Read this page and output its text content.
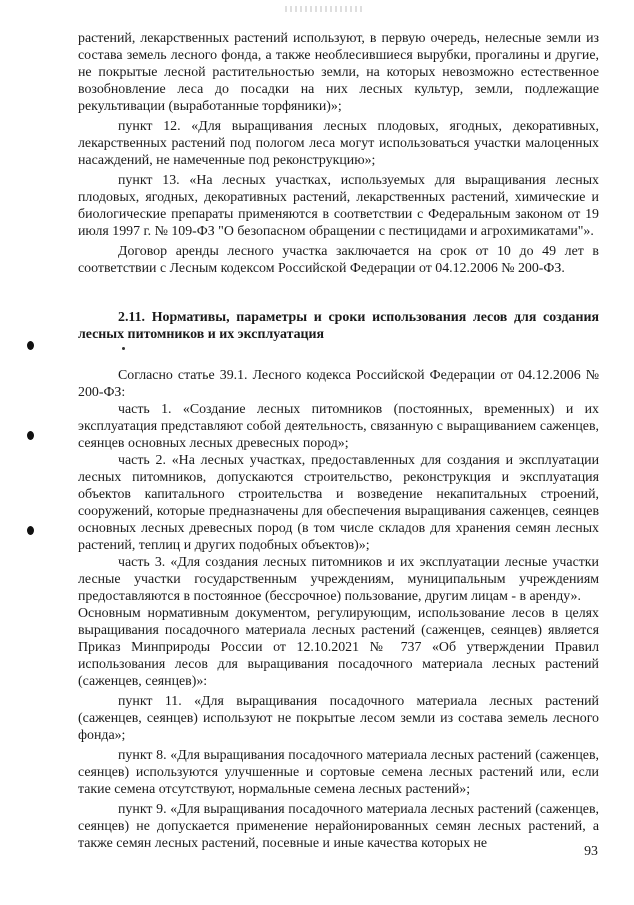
растений, лекарственных растений используют, в первую очередь, нелесные земли из состава земель лесного фонда, а также необлесившиеся вырубки, прогалины и другие, не покрытые лесной растительностью земли, на которых невозможно естественное возобновление леса до посадки на них лесных культур, земли, подлежащие рекультивации (выработанные торфяники)»;

пункт 12. «Для выращивания лесных плодовых, ягодных, декоративных, лекарственных растений под пологом леса могут использоваться участки малоценных насаждений, не намеченные под реконструкцию»;

пункт 13. «На лесных участках, используемых для выращивания лесных плодовых, ягодных, декоративных растений, лекарственных растений, химические и биологические препараты применяются в соответствии с Федеральным законом от 19 июля 1997 г. № 109-ФЗ "О безопасном обращении с пестицидами и агрохимикатами"».

Договор аренды лесного участка заключается на срок от 10 до 49 лет в соответствии с Лесным кодексом Российской Федерации от 04.12.2006 № 200-ФЗ.

2.11. Нормативы, параметры и сроки использования лесов для создания лесных питомников и их эксплуатация

Согласно статье 39.1. Лесного кодекса Российской Федерации от 04.12.2006 № 200-ФЗ:

часть 1. «Создание лесных питомников (постоянных, временных) и их эксплуатация представляют собой деятельность, связанную с выращиванием саженцев, сеянцев основных лесных древесных пород»;

часть 2. «На лесных участках, предоставленных для создания и эксплуатации лесных питомников, допускаются строительство, реконструкция и эксплуатация объектов капитального строительства и возведение некапитальных строений, сооружений, которые предназначены для обеспечения выращивания саженцев, сеянцев основных лесных древесных пород (в том числе складов для хранения семян лесных растений, теплиц и других подобных объектов)»;

часть 3. «Для создания лесных питомников и их эксплуатации лесные участки лесные участки государственным учреждениям, муниципальным учреждениям предоставляются в постоянное (бессрочное) пользование, другим лицам - в аренду».

Основным нормативным документом, регулирующим, использование лесов в целях выращивания посадочного материала лесных растений (саженцев, сеянцев) является Приказ Минприроды России от 12.10.2021 № 737 «Об утверждении Правил использования лесов для выращивания посадочного материала лесных растений (саженцев, сеянцев)»:

пункт 11. «Для выращивания посадочного материала лесных растений (саженцев, сеянцев) используют не покрытые лесом земли из состава земель лесного фонда»;

пункт 8. «Для выращивания посадочного материала лесных растений (саженцев, сеянцев) используются улучшенные и сортовые семена лесных растений или, если такие семена отсутствуют, нормальные семена лесных растений»;

пункт 9. «Для выращивания посадочного материала лесных растений (саженцев, сеянцев) не допускается применение нерайонированных семян лесных растений, а также семян лесных растений, посевные и иные качества которых не

93
